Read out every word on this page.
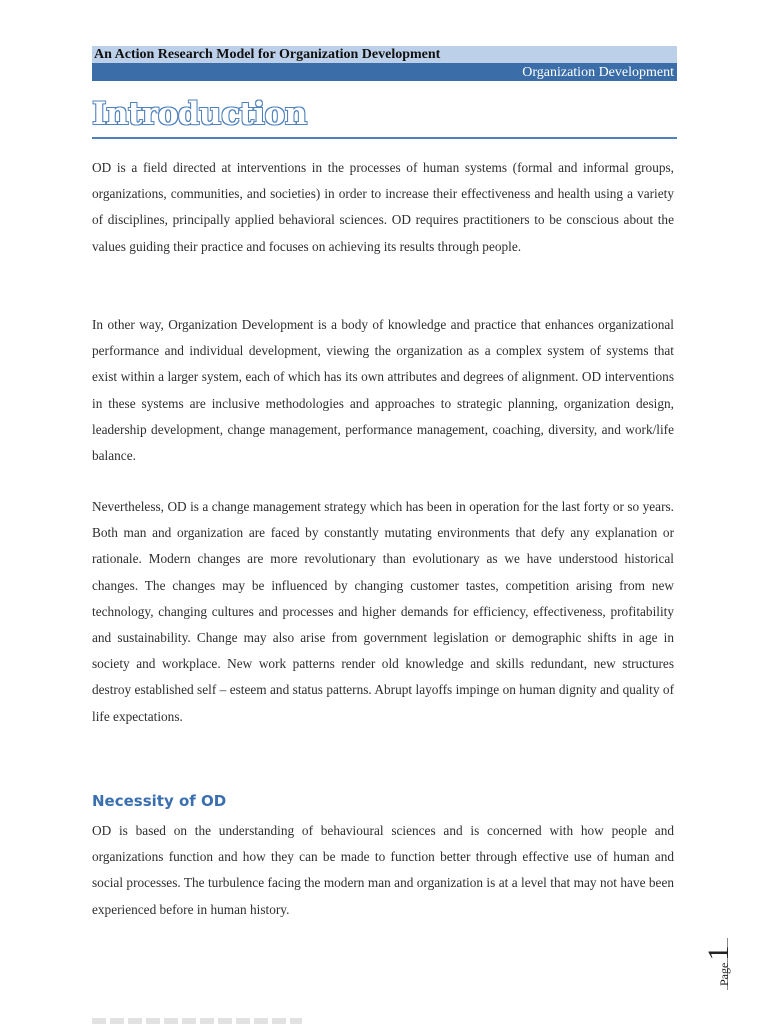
An Action Research Model for Organization Development
Organization Development
Introduction

OD is a field directed at interventions in the processes of human systems (formal and informal groups, organizations, communities, and societies) in order to increase their effectiveness and health using a variety of disciplines, principally applied behavioral sciences. OD requires practitioners to be conscious about the values guiding their practice and focuses on achieving its results through people.

In other way, Organization Development is a body of knowledge and practice that enhances organizational performance and individual development, viewing the organization as a complex system of systems that exist within a larger system, each of which has its own attributes and degrees of alignment. OD interventions in these systems are inclusive methodologies and approaches to strategic planning, organization design, leadership development, change management, performance management, coaching, diversity, and work/life balance.

Nevertheless, OD is a change management strategy which has been in operation for the last forty or so years. Both man and organization are faced by constantly mutating environments that defy any explanation or rationale. Modern changes are more revolutionary than evolutionary as we have understood historical changes. The changes may be influenced by changing customer tastes, competition arising from new technology, changing cultures and processes and higher demands for efficiency, effectiveness, profitability and sustainability. Change may also arise from government legislation or demographic shifts in age in society and workplace. New work patterns render old knowledge and skills redundant, new structures destroy established self – esteem and status patterns. Abrupt layoffs impinge on human dignity and quality of life expectations.

Necessity of OD

OD is based on the understanding of behavioural sciences and is concerned with how people and organizations function and how they can be made to function better through effective use of human and social processes. The turbulence facing the modern man and organization is at a level that may not have been experienced before in human history.

Page1
